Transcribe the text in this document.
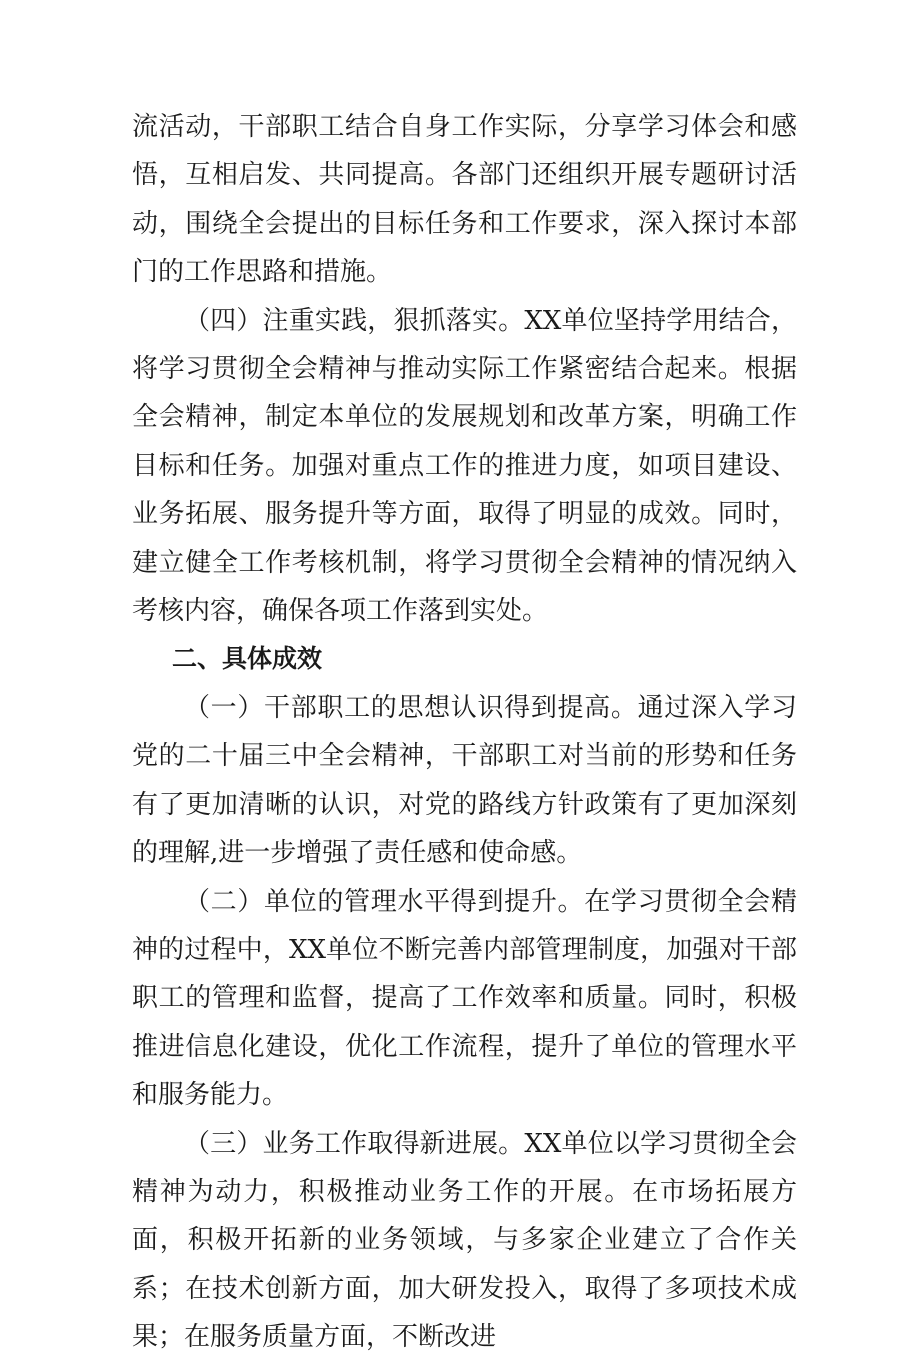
流活动，干部职工结合自身工作实际，分享学习体会和感悟，互相启发、共同提高。各部门还组织开展专题研讨活动，围绕全会提出的目标任务和工作要求，深入探讨本部门的工作思路和措施。

（四）注重实践，狠抓落实。XX单位坚持学用结合，将学习贯彻全会精神与推动实际工作紧密结合起来。根据全会精神，制定本单位的发展规划和改革方案，明确工作目标和任务。加强对重点工作的推进力度，如项目建设、业务拓展、服务提升等方面，取得了明显的成效。同时，建立健全工作考核机制，将学习贯彻全会精神的情况纳入考核内容，确保各项工作落到实处。

二、具体成效

（一）干部职工的思想认识得到提高。通过深入学习党的二十届三中全会精神，干部职工对当前的形势和任务有了更加清晰的认识，对党的路线方针政策有了更加深刻的理解,进一步增强了责任感和使命感。

（二）单位的管理水平得到提升。在学习贯彻全会精神的过程中，XX单位不断完善内部管理制度，加强对干部职工的管理和监督，提高了工作效率和质量。同时，积极推进信息化建设，优化工作流程，提升了单位的管理水平和服务能力。

（三）业务工作取得新进展。XX单位以学习贯彻全会精神为动力，积极推动业务工作的开展。在市场拓展方面，积极开拓新的业务领域，与多家企业建立了合作关系；在技术创新方面，加大研发投入，取得了多项技术成果；在服务质量方面，不断改进
